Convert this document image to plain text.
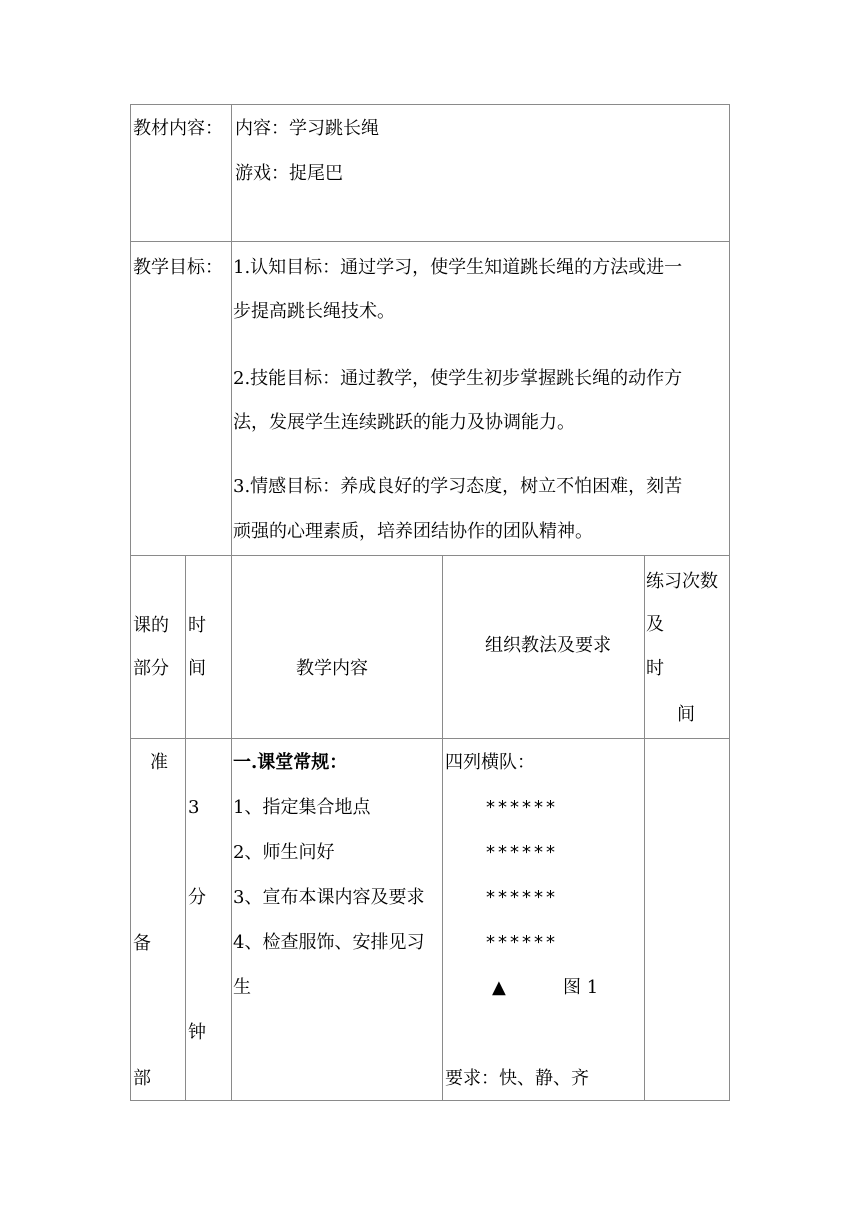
教材内容： 内容：学习跳长绳
游戏：捉尾巴
教学目标： 1.认知目标：通过学习，使学生知道跳长绳的方法或进一
步提高跳长绳技术。
2.技能目标：通过教学，使学生初步掌握跳长绳的动作方
法，发展学生连续跳跃的能力及协调能力。
3.情感目标：养成良好的学习态度，树立不怕困难，刻苦
顽强的心理素质，培养团结协作的团队精神。
课的
部分
时
间	教学内容
组织教法及要求
练习次数
及
时
间
准
备
部
3
分
钟
一.课堂常规：
1、指定集合地点
2、师生问好
3、宣布本课内容及要求
4、检查服饰、安排见习
生
四列横队：
******
******
******
******
▲	图 1
要求：快、静、齐
